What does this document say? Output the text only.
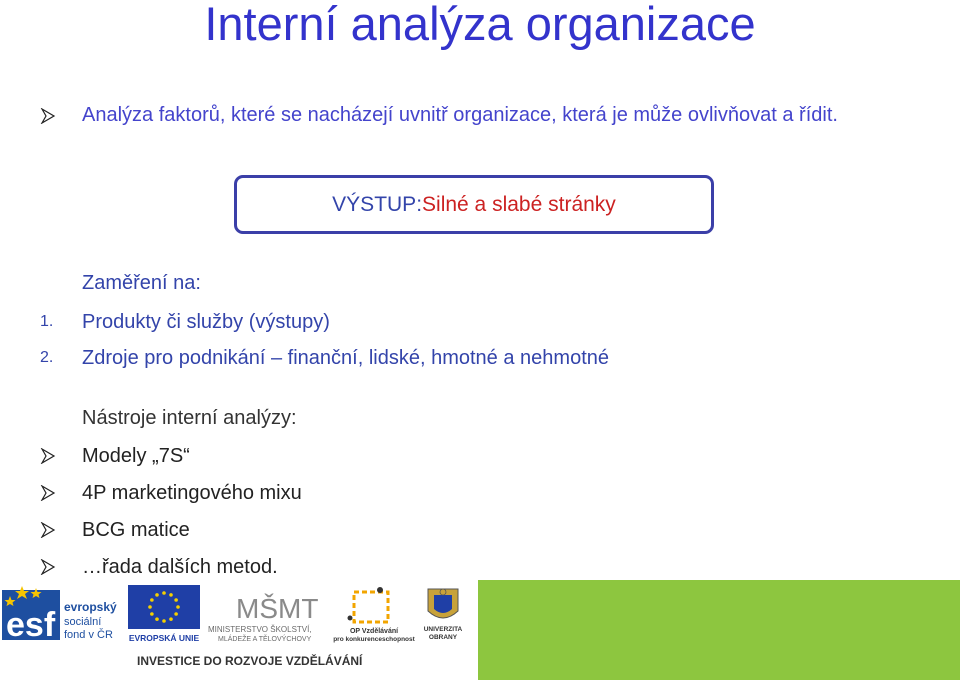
Interní analýza organizace
Analýza faktorů, které se nacházejí uvnitř organizace, která je může ovlivňovat a řídit.
VÝSTUP: Silné a slabé stránky
Zaměření na:
1. Produkty či služby (výstupy)
2. Zdroje pro podnikání – finanční, lidské, hmotné a nehmotné
Nástroje interní analýzy:
Modely „7S“
4P marketingového mixu
BCG matice
…řada dalších metod.
esf evropský
sociální
fond v ČR EVROPSKÁ UNIE
MŠMT
MINISTERSTVO ŠKOLSTVÍ,
MLÁDEŽE A TĚLOVÝCHOVY
OP Vzdělávání
pro konkurenceschopnost
UNIVERZITA
OBRANY
INVESTICE DO ROZVOJE VZDĚLÁVÁNÍ
